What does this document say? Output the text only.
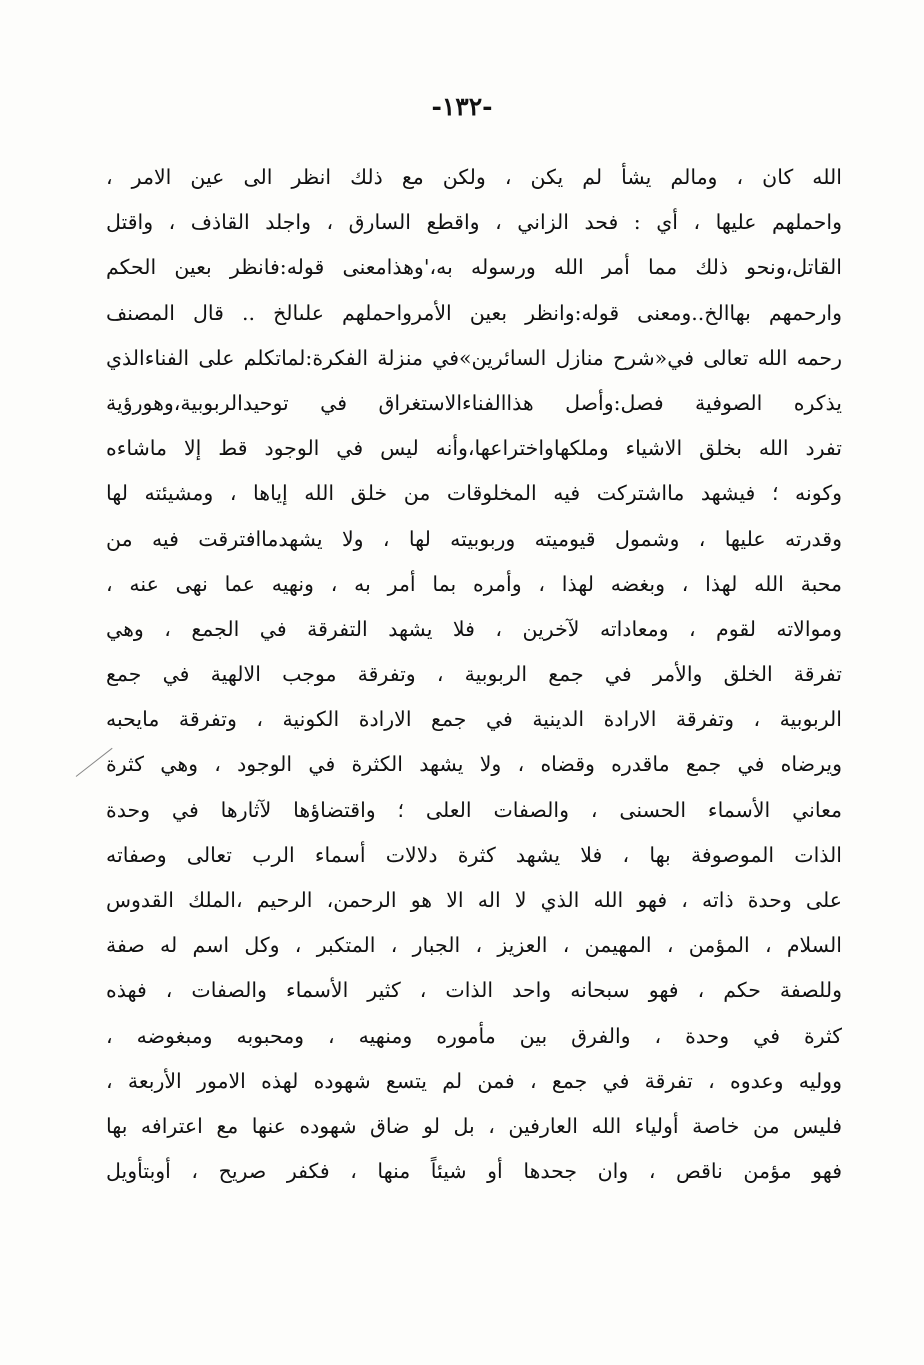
-١٣٢-
الله كان ، ومالم يشأ لم يكن ، ولكن مع ذلك انظر الى عين الامر ،
واحملهم عليها ، أي : فحد الزاني ، واقطع السارق ، واجلد القاذف ، واقتل
القاتل،ونحو ذلك مما أمر الله ورسوله به،'وهذامعنى قوله:فانظر بعين الحكم
وارحمهم بهاالخ..ومعنى قوله:وانظر بعين الأمرواحملهم علىالخ .. قال المصنف
رحمه الله تعالى في«شرح منازل السائرين»في منزلة الفكرة:لماتكلم على الفناءالذي
يذكره الصوفية فصل:وأصل هذاالفناءالاستغراق في توحيدالربوبية،وهورؤية
تفرد الله بخلق الاشياء وملكهاواختراعها،وأنه ليس في الوجود قط إلا ماشاءه
وكونه ؛ فيشهد مااشتركت فيه المخلوقات من خلق الله إياها ، ومشيئته لها
وقدرته عليها ، وشمول قيوميته وربوبيته لها ، ولا يشهدماافترقت فيه من
محبة الله لهذا ، وبغضه لهذا ، وأمره بما أمر به ، ونهيه عما نهى عنه ،
وموالاته لقوم ، ومعاداته لآخرين ، فلا يشهد التفرقة في الجمع ، وهي
تفرقة الخلق والأمر في جمع الربوبية ، وتفرقة موجب الالهية في جمع
الربوبية ، وتفرقة الارادة الدينية في جمع الارادة الكونية ، وتفرقة مايحبه
ويرضاه في جمع ماقدره وقضاه ، ولا يشهد الكثرة في الوجود ، وهي كثرة
معاني الأسماء الحسنى ، والصفات العلى ؛ واقتضاؤها لآثارها في وحدة
الذات الموصوفة بها ، فلا يشهد كثرة دلالات أسماء الرب تعالى وصفاته
على وحدة ذاته ، فهو الله الذي لا اله الا هو الرحمن، الرحيم ،الملك القدوس
السلام ، المؤمن ، المهيمن ، العزيز ، الجبار ، المتكبر ، وكل اسم له صفة
وللصفة حكم ، فهو سبحانه واحد الذات ، كثير الأسماء والصفات ، فهذه
كثرة في وحدة ، والفرق بين مأموره ومنهيه ، ومحبوبه ومبغوضه ،
ووليه وعدوه ، تفرقة في جمع ، فمن لم يتسع شهوده لهذه الامور الأربعة ،
فليس من خاصة أولياء الله العارفين ، بل لو ضاق شهوده عنها مع اعترافه بها
فهو مؤمن ناقص ، وان جحدها أو شيئاً منها ، فكفر صريح ، أوبتأويل
